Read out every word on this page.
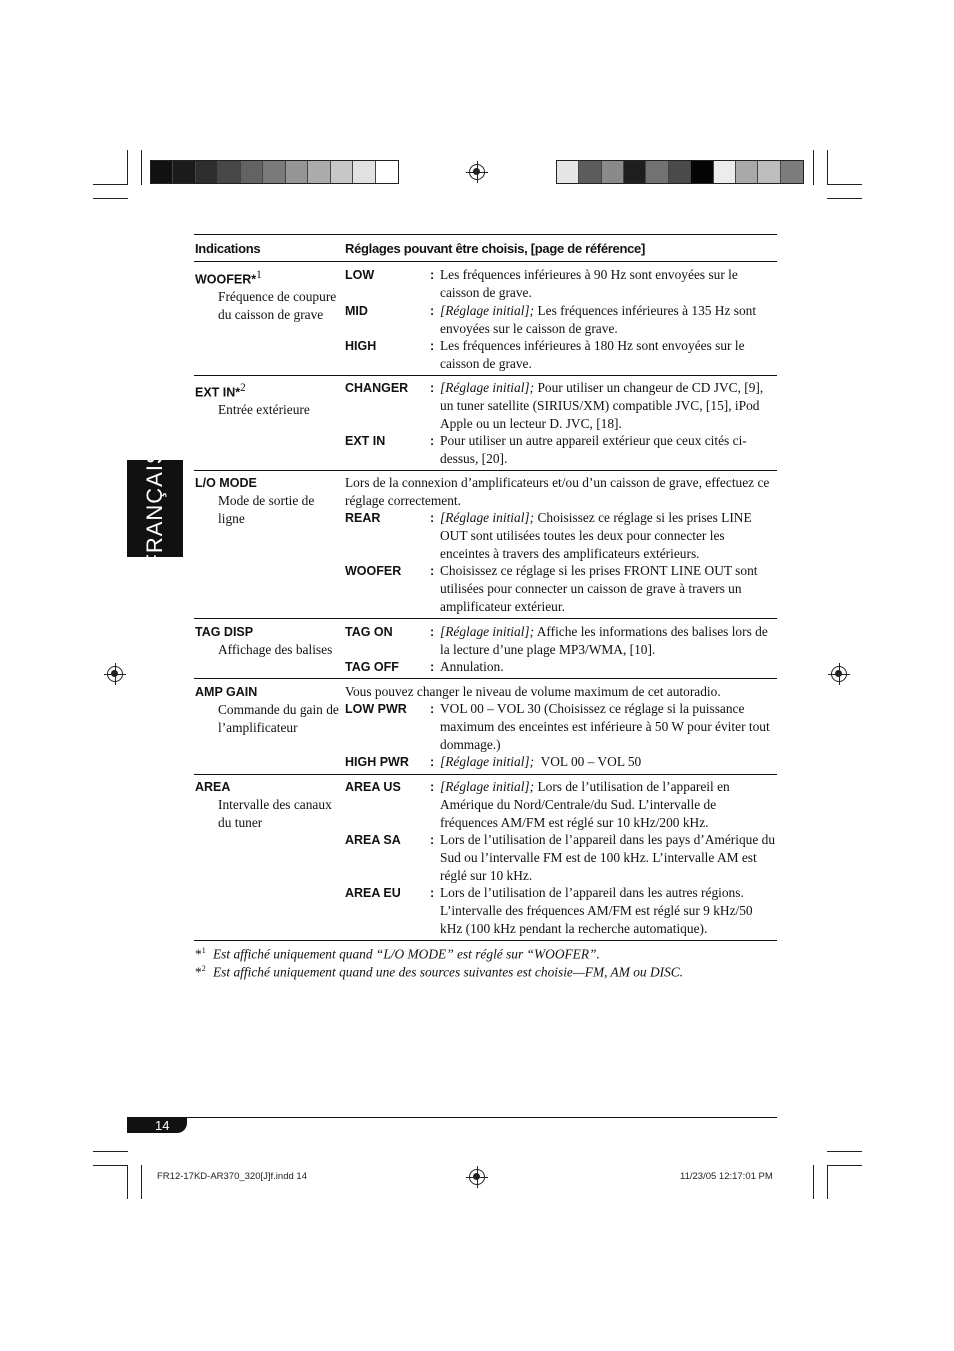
FRANÇAIS
Indications	Réglages pouvant être choisis, [page de référence]
WOOFER*$^1$
Fréquence de coupure du caisson de grave
LOW	: Les fréquences inférieures à 90 Hz sont envoyées sur le caisson de grave.
MID	: [Réglage initial]; Les fréquences inférieures à 135 Hz sont envoyées sur le caisson de grave.
HIGH	: Les fréquences inférieures à 180 Hz sont envoyées sur le caisson de grave.
EXT IN*$^2$
Entrée extérieure
CHANGER : [Réglage initial]; Pour utiliser un changeur de CD JVC, [9], un tuner satellite (SIRIUS/XM) compatible JVC, [15], iPod Apple ou un lecteur D. JVC, [18].
EXT IN	: Pour utiliser un autre appareil extérieur que ceux cités ci-dessus, [20].
L/O MODE
Mode de sortie de ligne
Lors de la connexion d’amplificateurs et/ou d’un caisson de grave, effectuez ce réglage correctement.
REAR	: [Réglage initial]; Choisissez ce réglage si les prises LINE OUT sont utilisées toutes les deux pour connecter les enceintes à travers des amplificateurs extérieurs.
WOOFER : Choisissez ce réglage si les prises FRONT LINE OUT sont utilisées pour connecter un caisson de grave à travers un amplificateur extérieur.
TAG DISP
Affichage des balises
TAG ON	: [Réglage initial]; Affiche les informations des balises lors de la lecture d’une plage MP3/WMA, [10].
TAG OFF : Annulation.
AMP GAIN
Commande du gain de l’amplificateur
Vous pouvez changer le niveau de volume maximum de cet autoradio.
LOW PWR : VOL 00 – VOL 30 (Choisissez ce réglage si la puissance maximum des enceintes est inférieure à 50 W pour éviter tout dommage.)
HIGH PWR : [Réglage initial]; VOL 00 – VOL 50
AREA
Intervalle des canaux du tuner
AREA US : [Réglage initial]; Lors de l’utilisation de l’appareil en Amérique du Nord/Centrale/du Sud. L’intervalle de fréquences AM/FM est réglé sur 10 kHz/200 kHz.
AREA SA : Lors de l’utilisation de l’appareil dans les pays d’Amérique du Sud ou l’intervalle FM est de 100 kHz. L’intervalle AM est réglé sur 10 kHz.
AREA EU : Lors de l’utilisation de l’appareil dans les autres régions. L’intervalle des fréquences AM/FM est réglé sur 9 kHz/50 kHz (100 kHz pendant la recherche automatique).
*$^1$ Est affiché uniquement quand “L/O MODE” est réglé sur “WOOFER”.
*$^2$ Est affiché uniquement quand une des sources suivantes est choisie—FM, AM ou DISC.
14
FR12-17KD-AR370_320[J]f.indd 14	11/23/05 12:17:01 PM
